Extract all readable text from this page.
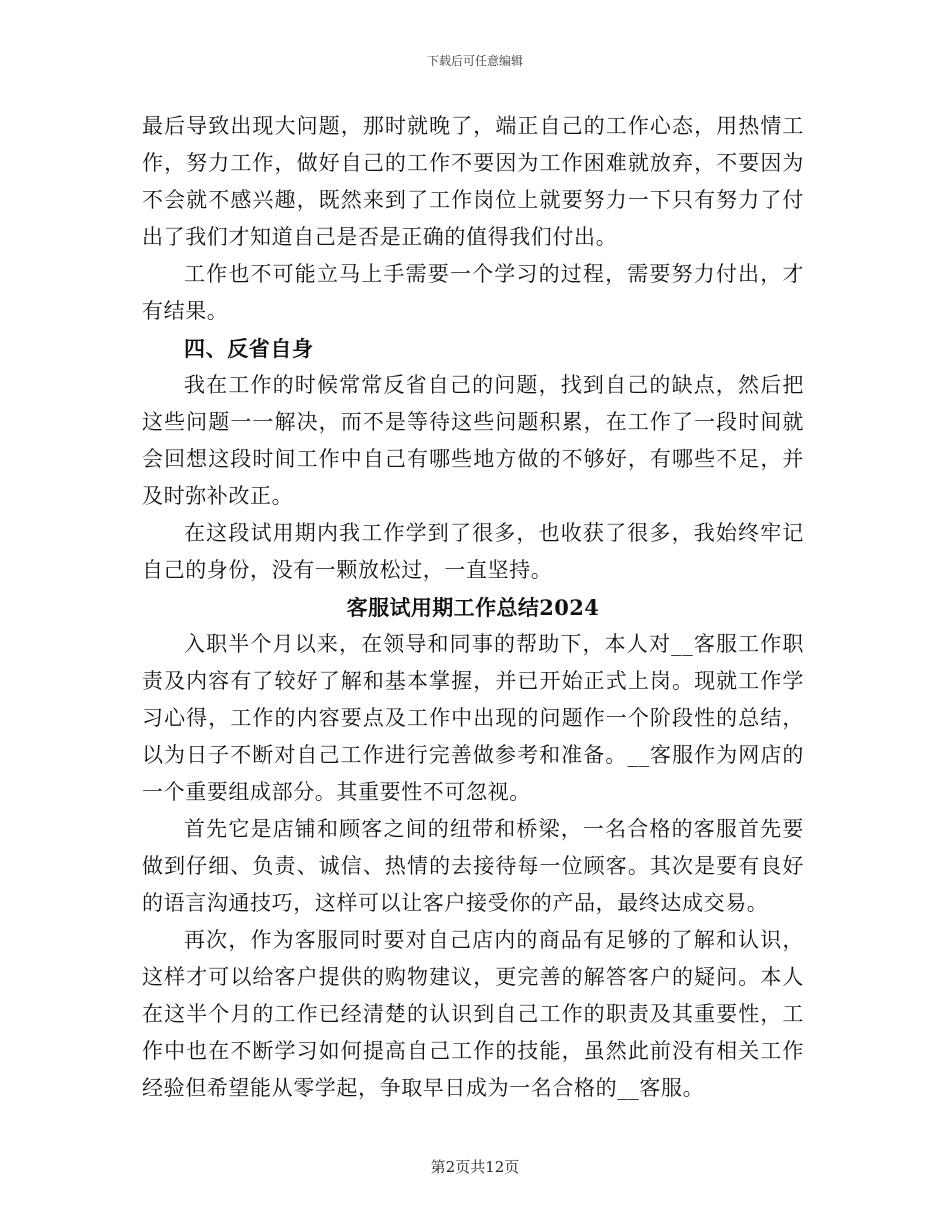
下载后可任意编辑

最后导致出现大问题，那时就晚了，端正自己的工作心态，用热情工作，努力工作，做好自己的工作不要因为工作困难就放弃，不要因为不会就不感兴趣，既然来到了工作岗位上就要努力一下只有努力了付出了我们才知道自己是否是正确的值得我们付出。

工作也不可能立马上手需要一个学习的过程，需要努力付出，才有结果。

四、反省自身

我在工作的时候常常反省自己的问题，找到自己的缺点，然后把这些问题一一解决，而不是等待这些问题积累，在工作了一段时间就会回想这段时间工作中自己有哪些地方做的不够好，有哪些不足，并及时弥补改正。

在这段试用期内我工作学到了很多，也收获了很多，我始终牢记自己的身份，没有一颗放松过，一直坚持。

客服试用期工作总结2024

入职半个月以来，在领导和同事的帮助下，本人对__客服工作职责及内容有了较好了解和基本掌握，并已开始正式上岗。现就工作学习心得，工作的内容要点及工作中出现的问题作一个阶段性的总结，以为日子不断对自己工作进行完善做参考和准备。__客服作为网店的一个重要组成部分。其重要性不可忽视。

首先它是店铺和顾客之间的纽带和桥梁，一名合格的客服首先要做到仔细、负责、诚信、热情的去接待每一位顾客。其次是要有良好的语言沟通技巧，这样可以让客户接受你的产品，最终达成交易。

再次，作为客服同时要对自己店内的商品有足够的了解和认识，这样才可以给客户提供的购物建议，更完善的解答客户的疑问。本人在这半个月的工作已经清楚的认识到自己工作的职责及其重要性，工作中也在不断学习如何提高自己工作的技能，虽然此前没有相关工作经验但希望能从零学起，争取早日成为一名合格的__客服。

第2页共12页
